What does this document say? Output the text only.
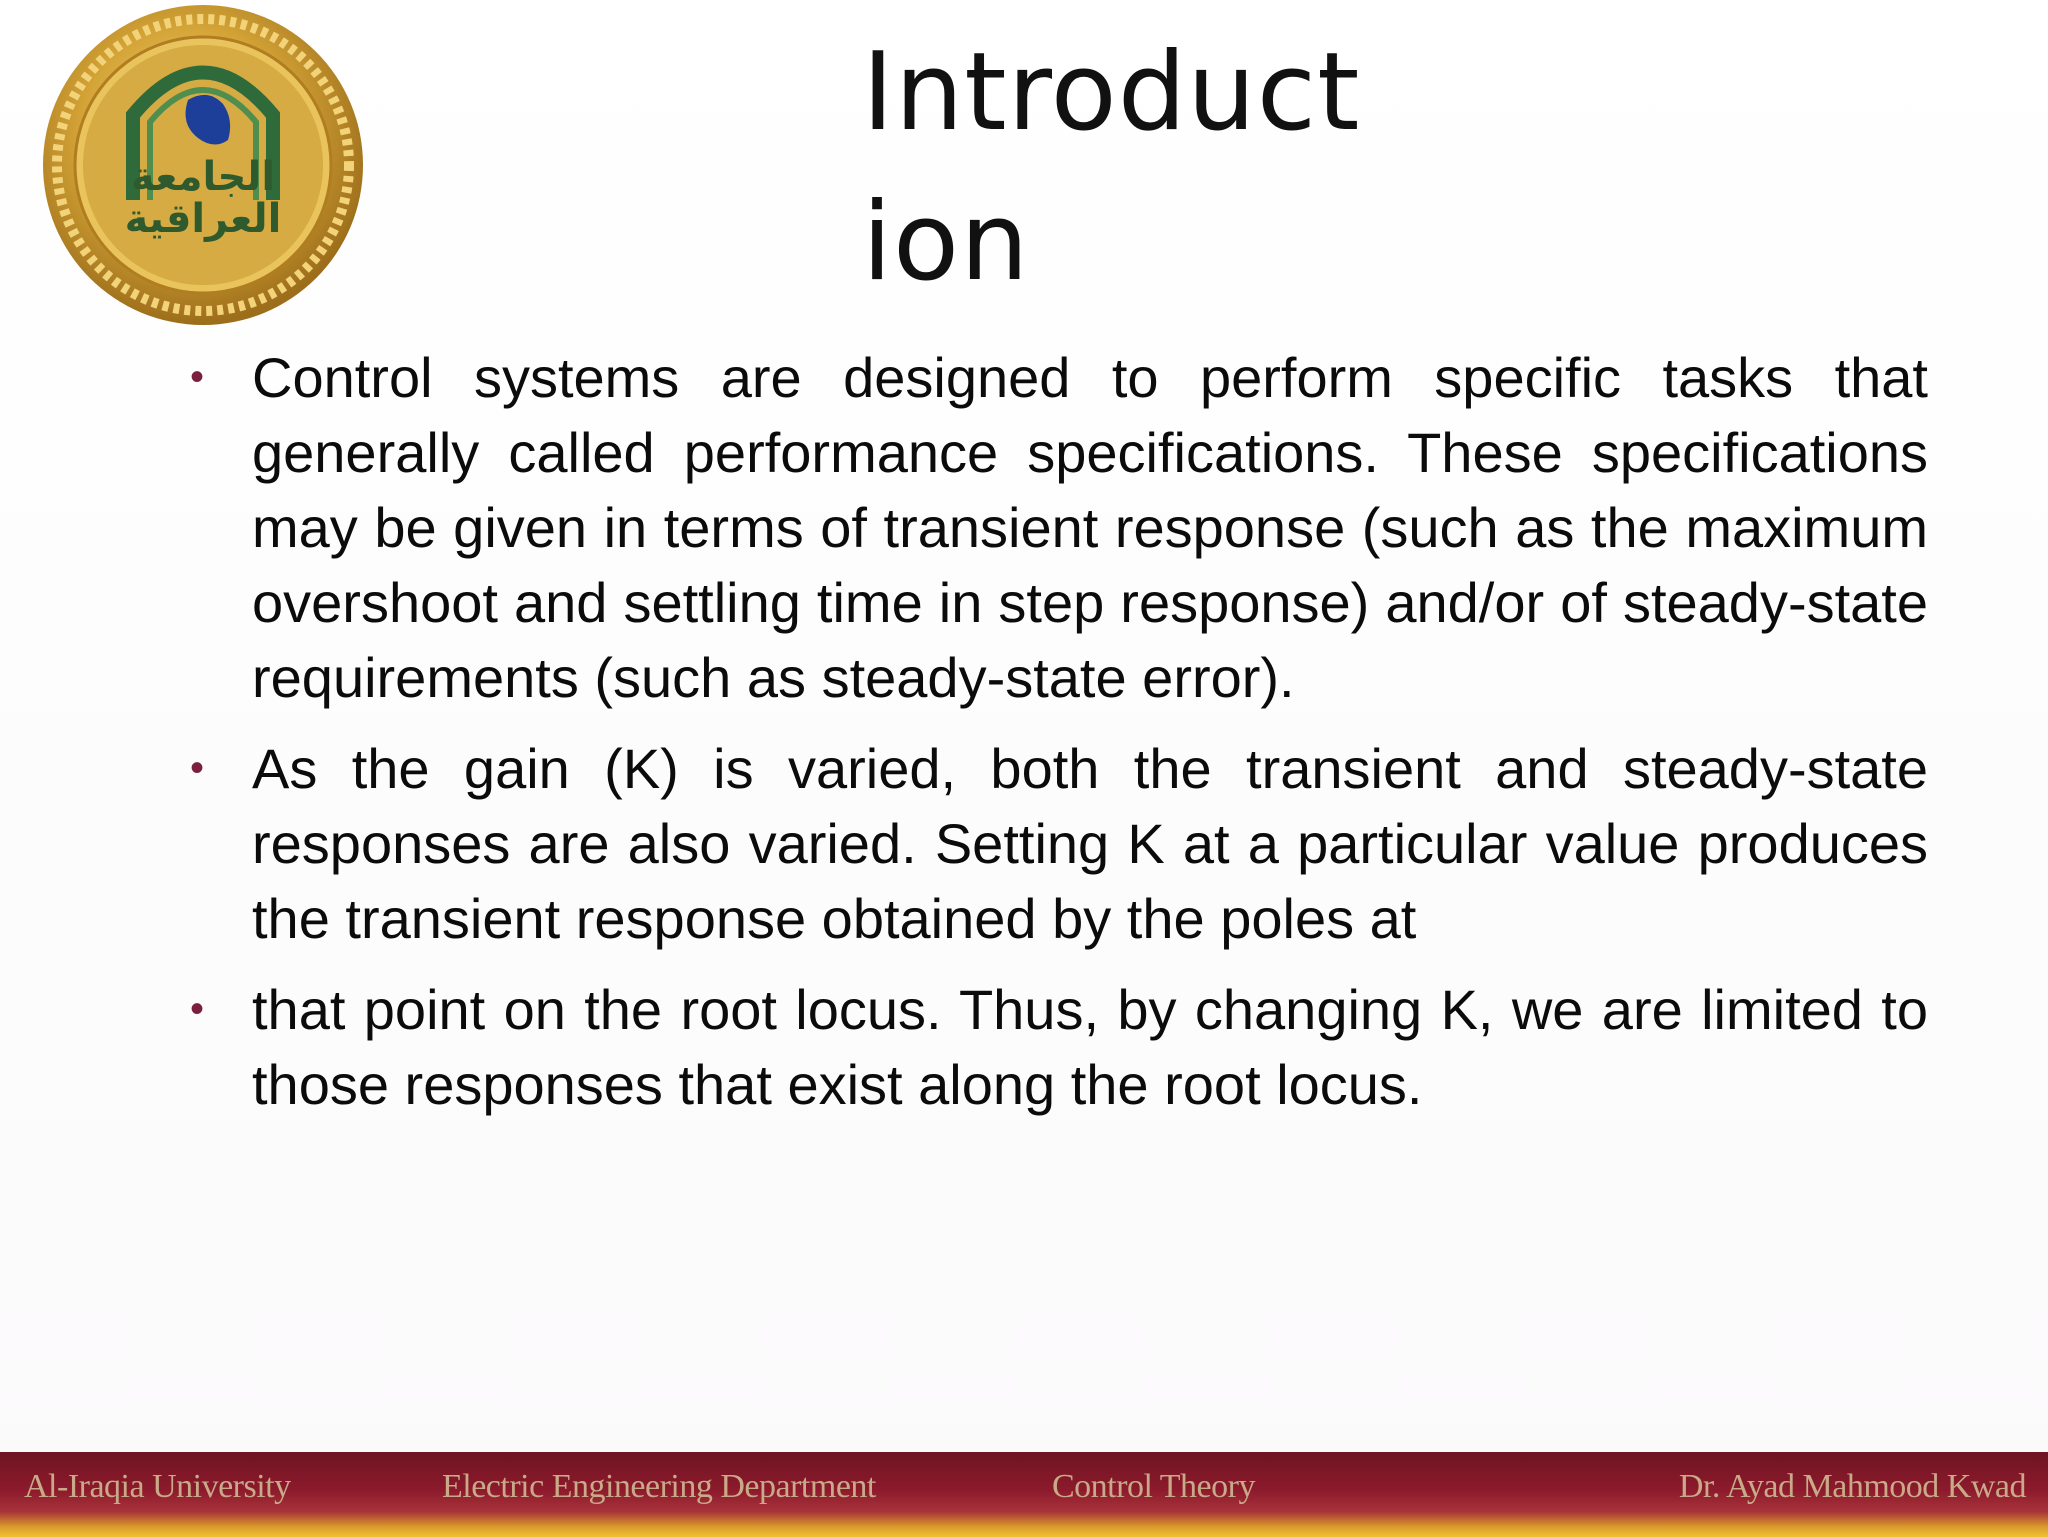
الجامعة
العراقية
Introduction
• Control systems are designed to perform specific tasks that generally called performance specifications. These specifications may be given in terms of transient response (such as the maximum overshoot and settling time in step response) and/or of steady-state requirements (such as steady-state error).
• As the gain (K) is varied, both the transient and steady-state responses are also varied. Setting K at a particular value produces the transient response obtained by the poles at
• that point on the root locus. Thus, by changing K, we are limited to those responses that exist along the root locus.
Al-Iraqia University	Electric Engineering Department	Control Theory	Dr. Ayad Mahmood Kwad
